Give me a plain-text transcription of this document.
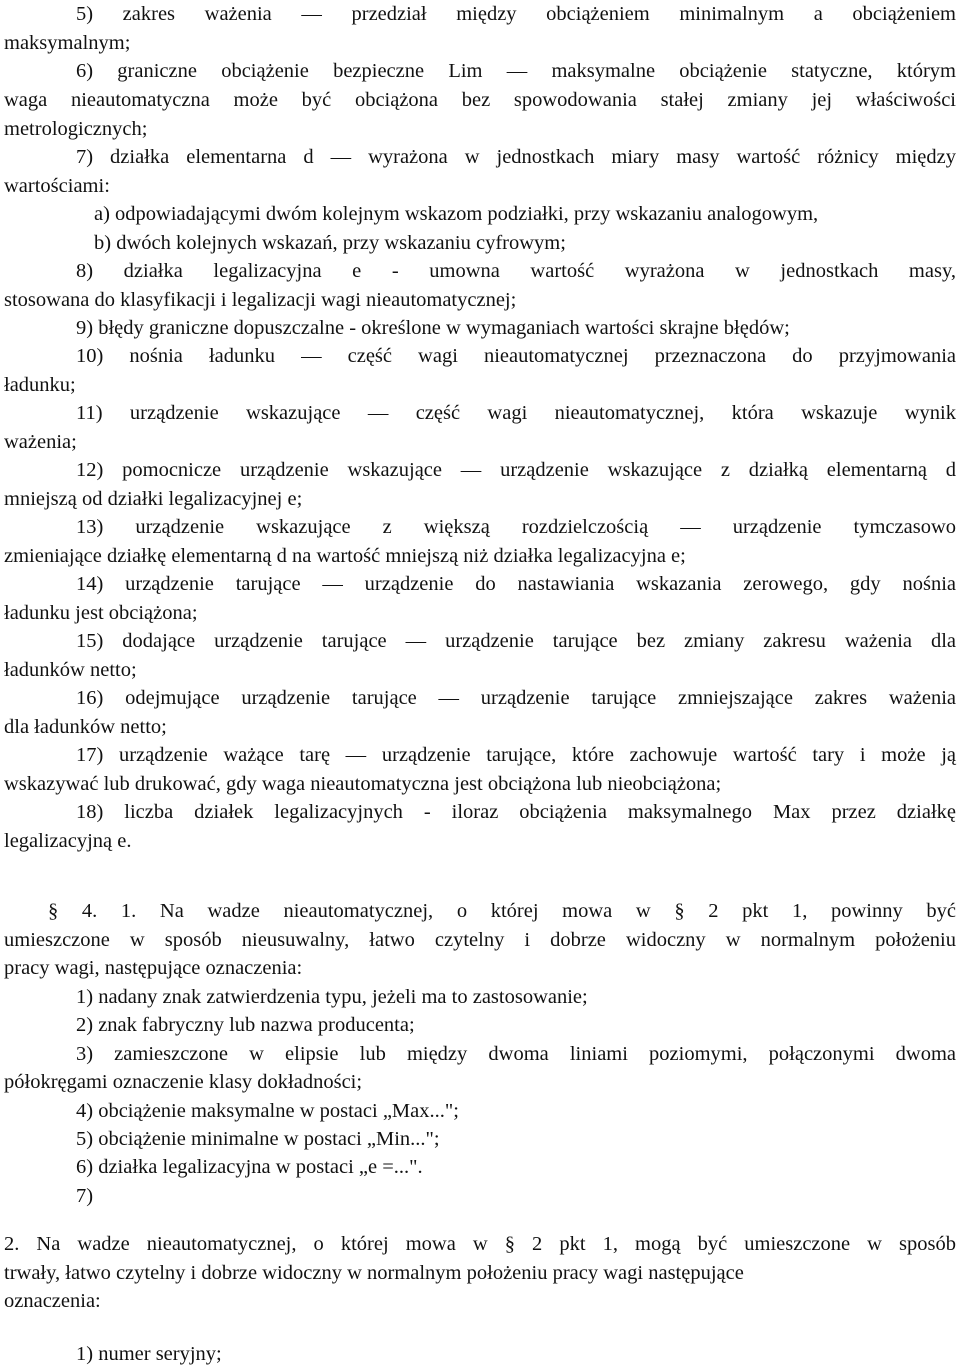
5) zakres ważenia — przedział między obciążeniem minimalnym a obciążeniem
maksymalnym;
6) graniczne obciążenie bezpieczne Lim — maksymalne obciążenie statyczne, którym
waga nieautomatyczna może być obciążona bez spowodowania stałej zmiany jej właściwości
metrologicznych;
7) działka elementarna d — wyrażona w jednostkach miary masy wartość różnicy między
wartościami:
a) odpowiadającymi dwóm kolejnym wskazom podziałki, przy wskazaniu analogowym,
b) dwóch kolejnych wskazań, przy wskazaniu cyfrowym;
8) działka legalizacyjna e - umowna wartość wyrażona w jednostkach masy,
stosowana do klasyfikacji i legalizacji wagi nieautomatycznej;
9) błędy graniczne dopuszczalne - określone w wymaganiach wartości skrajne błędów;
10) nośnia ładunku — część wagi nieautomatycznej przeznaczona do przyjmowania
ładunku;
11) urządzenie wskazujące — część wagi nieautomatycznej, która wskazuje wynik
ważenia;
12) pomocnicze urządzenie wskazujące — urządzenie wskazujące z działką elementarną d
mniejszą od działki legalizacyjnej e;
13) urządzenie wskazujące z większą rozdzielczością — urządzenie tymczasowo
zmieniające działkę elementarną d na wartość mniejszą niż działka legalizacyjna e;
14) urządzenie tarujące — urządzenie do nastawiania wskazania zerowego, gdy nośnia
ładunku jest obciążona;
15) dodające urządzenie tarujące — urządzenie tarujące bez zmiany zakresu ważenia dla
ładunków netto;
16) odejmujące urządzenie tarujące — urządzenie tarujące zmniejszające zakres ważenia
dla ładunków netto;
17) urządzenie ważące tarę — urządzenie tarujące, które zachowuje wartość tary i może ją
wskazywać lub drukować, gdy waga nieautomatyczna jest obciążona lub nieobciążona;
18) liczba działek legalizacyjnych - iloraz obciążenia maksymalnego Max przez działkę
legalizacyjną e.
§ 4. 1. Na wadze nieautomatycznej, o której mowa w § 2 pkt 1, powinny być
umieszczone w sposób nieusuwalny, łatwo czytelny i dobrze widoczny w normalnym położeniu
pracy wagi, następujące oznaczenia:
1) nadany znak zatwierdzenia typu, jeżeli ma to zastosowanie;
2) znak fabryczny lub nazwa producenta;
3) zamieszczone w elipsie lub między dwoma liniami poziomymi, połączonymi dwoma
półokręgami oznaczenie klasy dokładności;
4) obciążenie maksymalne w postaci „Max...";
5) obciążenie minimalne w postaci „Min...";
6) działka legalizacyjna w postaci „e =...".
7)
2. Na wadze nieautomatycznej, o której mowa w § 2 pkt 1, mogą być umieszczone w sposób
trwały, łatwo czytelny i dobrze widoczny w normalnym położeniu pracy wagi następujące
oznaczenia:
1) numer seryjny;
